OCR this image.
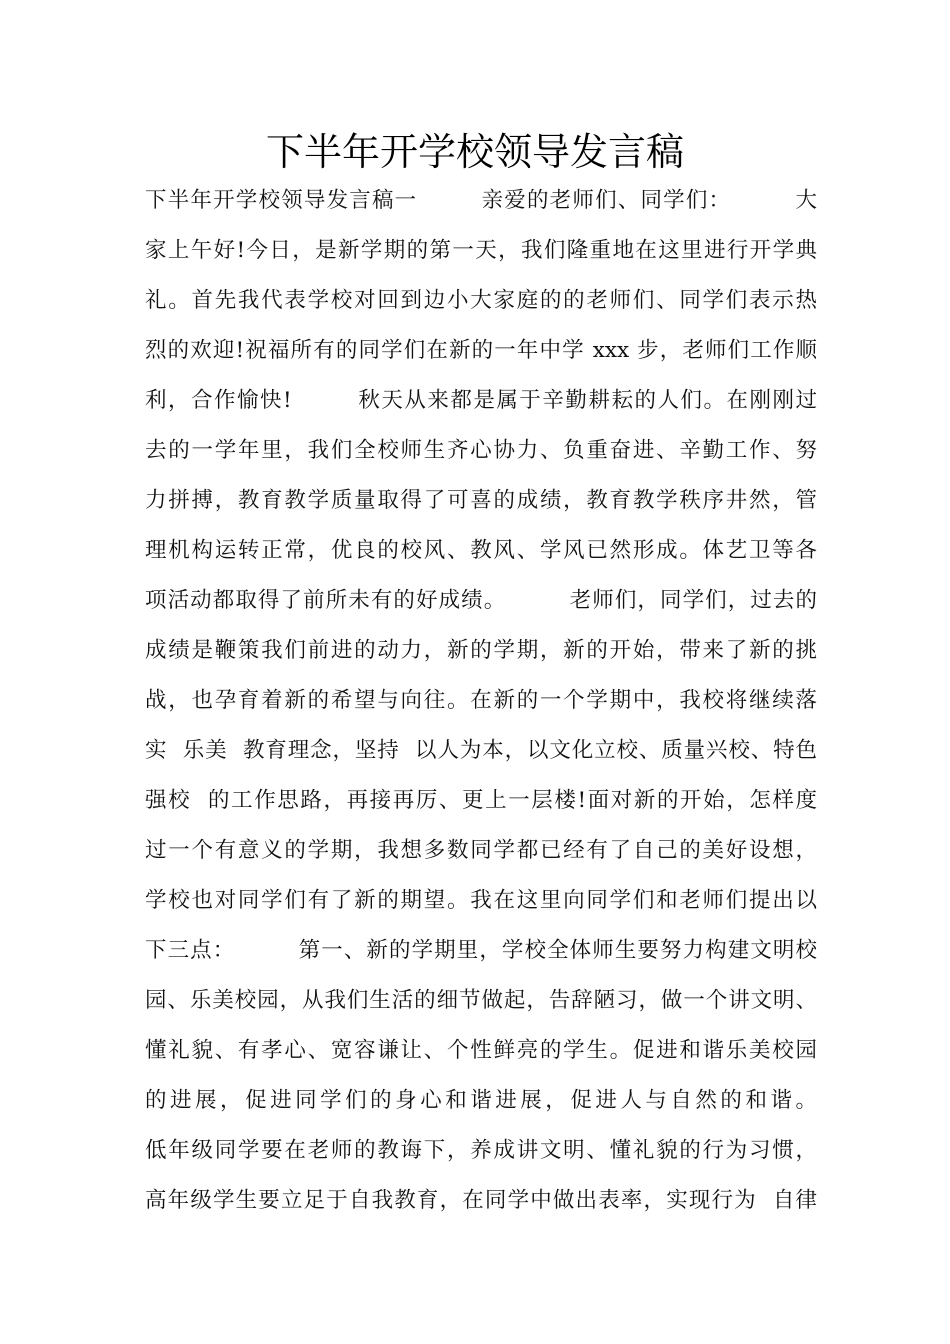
下半年开学校领导发言稿
下半年开学校领导发言稿一        亲爱的老师们、同学们：        大
家上午好!今日，是新学期的第一天，我们隆重地在这里进行开学典
礼。首先我代表学校对回到边小大家庭的的老师们、同学们表示热
烈的欢迎!祝福所有的同学们在新的一年中学 xxx 步，老师们工作顺
利，合作愉快!        秋天从来都是属于辛勤耕耘的人们。在刚刚过
去的一学年里，我们全校师生齐心协力、负重奋进、辛勤工作、努
力拼搏，教育教学质量取得了可喜的成绩，教育教学秩序井然，管
理机构运转正常，优良的校风、教风、学风已然形成。体艺卫等各
项活动都取得了前所未有的好成绩。        老师们，同学们，过去的
成绩是鞭策我们前进的动力，新的学期，新的开始，带来了新的挑
战，也孕育着新的希望与向往。在新的一个学期中，我校将继续落
实  乐美  教育理念，坚持  以人为本，以文化立校、质量兴校、特色
强校  的工作思路，再接再厉、更上一层楼!面对新的开始，怎样度
过一个有意义的学期，我想多数同学都已经有了自己的美好设想，
学校也对同学们有了新的期望。我在这里向同学们和老师们提出以
下三点：        第一、新的学期里，学校全体师生要努力构建文明校
园、乐美校园，从我们生活的细节做起，告辞陋习，做一个讲文明、
懂礼貌、有孝心、宽容谦让、个性鲜亮的学生。促进和谐乐美校园
的进展，促进同学们的身心和谐进展，促进人与自然的和谐。
低年级同学要在老师的教诲下，养成讲文明、懂礼貌的行为习惯，
高年级学生要立足于自我教育，在同学中做出表率，实现行为  自律
